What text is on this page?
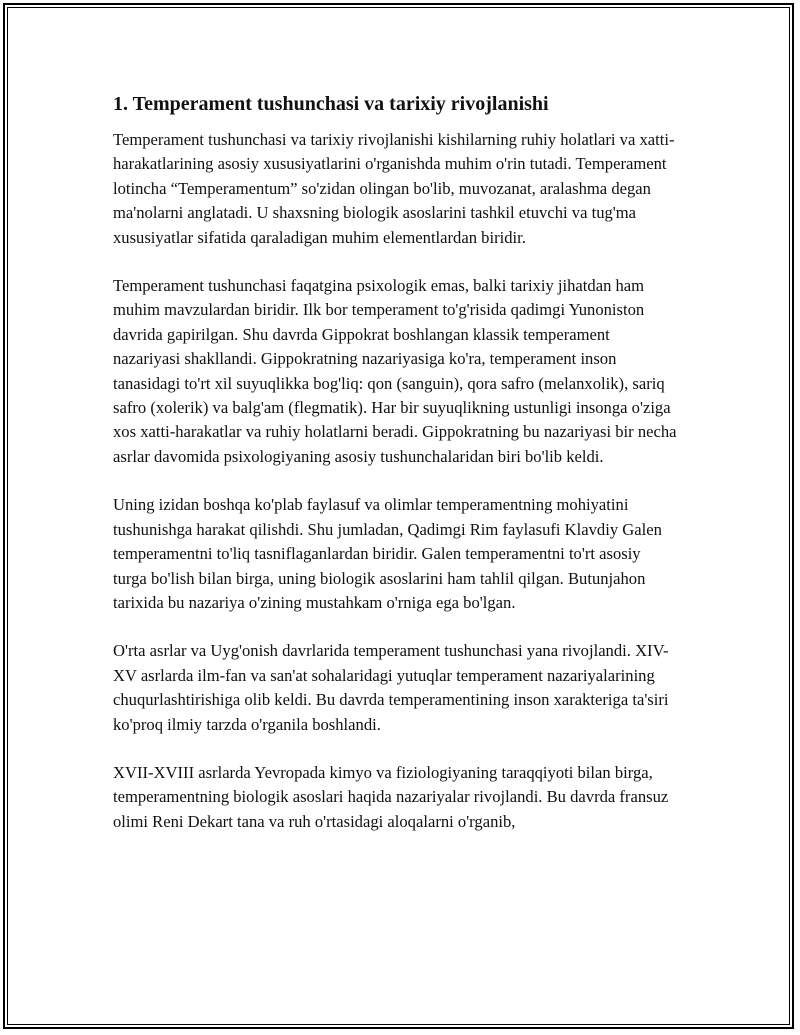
1. Temperament tushunchasi va tarixiy rivojlanishi

Temperament tushunchasi va tarixiy rivojlanishi kishilarning ruhiy holatlari va xatti-harakatlarining asosiy xususiyatlarini o'rganishda muhim o'rin tutadi. Temperament lotincha “Temperamentum” so'zidan olingan bo'lib, muvozanat, aralashma degan ma'nolarni anglatadi. U shaxsning biologik asoslarini tashkil etuvchi va tug'ma xususiyatlar sifatida qaraladigan muhim elementlardan biridir.

Temperament tushunchasi faqatgina psixologik emas, balki tarixiy jihatdan ham muhim mavzulardan biridir. Ilk bor temperament to'g'risida qadimgi Yunoniston davrida gapirilgan. Shu davrda Gippokrat boshlangan klassik temperament nazariyasi shakllandi. Gippokratning nazariyasiga ko'ra, temperament inson tanasidagi to'rt xil suyuqlikka bog'liq: qon (sanguin), qora safro (melanxolik), sariq safro (xolerik) va balg'am (flegmatik). Har bir suyuqlikning ustunligi insonga o'ziga xos xatti-harakatlar va ruhiy holatlarni beradi. Gippokratning bu nazariyasi bir necha asrlar davomida psixologiyaning asosiy tushunchalaridan biri bo'lib keldi.

Uning izidan boshqa ko'plab faylasuf va olimlar temperamentning mohiyatini tushunishga harakat qilishdi. Shu jumladan, Qadimgi Rim faylasufi Klavdiy Galen temperamentni to'liq tasniflaganlardan biridir. Galen temperamentni to'rt asosiy turga bo'lish bilan birga, uning biologik asoslarini ham tahlil qilgan. Butunjahon tarixida bu nazariya o'zining mustahkam o'rniga ega bo'lgan.

O'rta asrlar va Uyg'onish davrlarida temperament tushunchasi yana rivojlandi. XIV-XV asrlarda ilm-fan va san'at sohalaridagi yutuqlar temperament nazariyalarining chuqurlashtirishiga olib keldi. Bu davrda temperamentining inson xarakteriga ta'siri ko'proq ilmiy tarzda o'rganila boshlandi.

XVII-XVIII asrlarda Yevropada kimyo va fiziologiyaning taraqqiyoti bilan birga, temperamentning biologik asoslari haqida nazariyalar rivojlandi. Bu davrda fransuz olimi Reni Dekart tana va ruh o'rtasidagi aloqalarni o'rganib,
